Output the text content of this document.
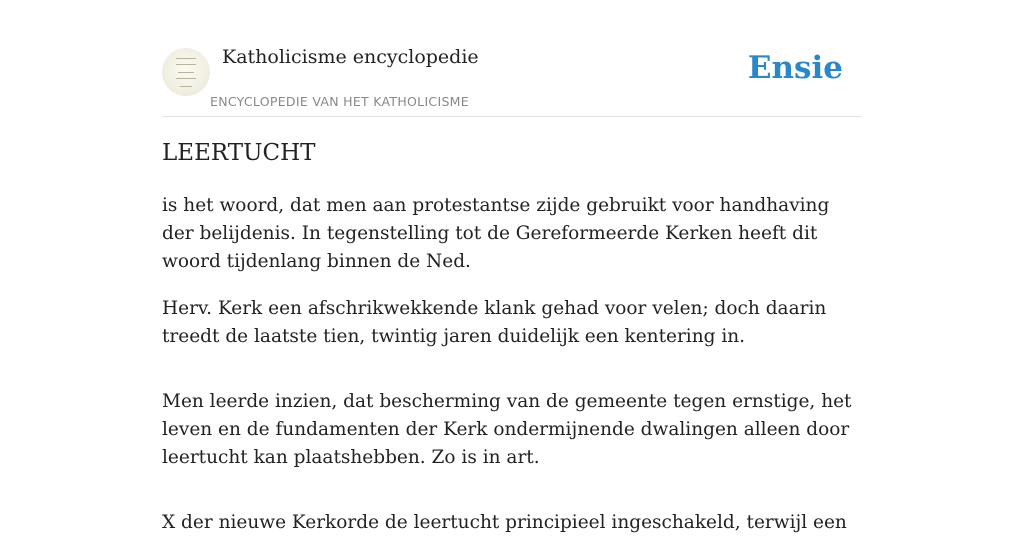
Katholicisme encyclopedie
ENCYCLOPEDIE VAN HET KATHOLICISME
Ensie
LEERTUCHT

is het woord, dat men aan protestantse zijde gebruikt voor handhaving der belijdenis. In tegenstelling tot de Gereformeerde Kerken heeft dit woord tijdenlang binnen de Ned.

Herv. Kerk een afschrikwekkende klank gehad voor velen; doch daarin treedt de laatste tien, twintig jaren duidelijk een kentering in.

Men leerde inzien, dat bescherming van de gemeente tegen ernstige, het leven en de fundamenten der Kerk ondermijnende dwalingen alleen door leertucht kan plaatshebben. Zo is in art.

X der nieuwe Kerkorde de leertucht principieel ingeschakeld, terwijl een
